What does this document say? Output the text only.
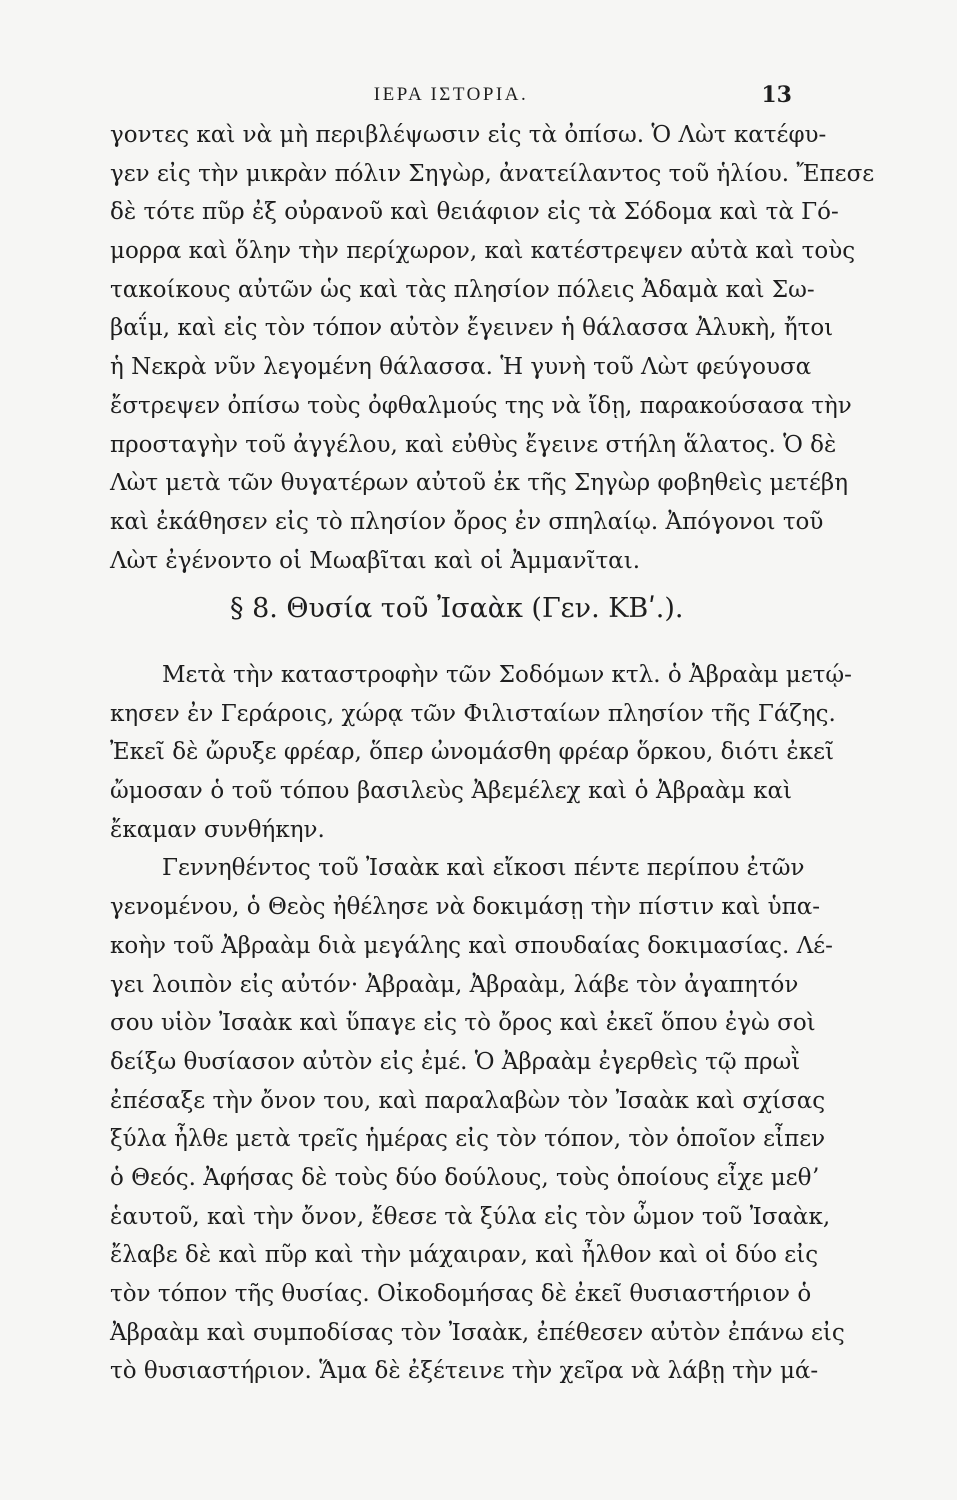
ΙΕΡΑ ΙΣΤΟΡΙΑ.	13
γοντες καὶ νὰ μὴ περιβλέψωσιν εἰς τὰ ὀπίσω. Ὁ Λὼτ κατέφυ-
γεν εἰς τὴν μικρὰν πόλιν Σηγὼρ, ἀνατείλαντος τοῦ ἡλίου. Ἔπεσε
δὲ τότε πῦρ ἐξ οὐρανοῦ καὶ θειάφιον εἰς τὰ Σόδομα καὶ τὰ Γό-
μορρα καὶ ὅλην τὴν περίχωρον, καὶ κατέστρεψεν αὐτὰ καὶ τοὺς
τακοίκους αὐτῶν ὡς καὶ τὰς πλησίον πόλεις Ἀδαμὰ καὶ Σω-
βαΐμ, καὶ εἰς τὸν τόπον αὐτὸν ἔγεινεν ἡ θάλασσα Ἀλυκὴ, ἤτοι
ἡ Νεκρὰ νῦν λεγομένη θάλασσα. Ἡ γυνὴ τοῦ Λὼτ φεύγουσα
ἔστρεψεν ὀπίσω τοὺς ὀφθαλμούς της νὰ ἴδῃ, παρακούσασα τὴν
προσταγὴν τοῦ ἀγγέλου, καὶ εὐθὺς ἔγεινε στήλη ἅλατος. Ὁ δὲ
Λὼτ μετὰ τῶν θυγατέρων αὐτοῦ ἐκ τῆς Σηγὼρ φοβηθεὶς μετέβη
καὶ ἐκάθησεν εἰς τὸ πλησίον ὄρος ἐν σπηλαίῳ. Ἀπόγονοι τοῦ
Λὼτ ἐγένοντο οἱ Μωαβῖται καὶ οἱ Ἀμμανῖται.
§ 8. Θυσία τοῦ Ἰσαὰκ (Γεν. ΚΒʹ.).
Μετὰ τὴν καταστροφὴν τῶν Σοδόμων κτλ. ὁ Ἀβραὰμ μετῴ-
κησεν ἐν Γεράροις, χώρᾳ τῶν Φιλισταίων πλησίον τῆς Γάζης.
Ἐκεῖ δὲ ὤρυξε φρέαρ, ὅπερ ὠνομάσθη φρέαρ ὅρκου, διότι ἐκεῖ
ὤμοσαν ὁ τοῦ τόπου βασιλεὺς Ἀβεμέλεχ καὶ ὁ Ἀβραὰμ καὶ
ἔκαμαν συνθήκην.
Γεννηθέντος τοῦ Ἰσαὰκ καὶ εἴκοσι πέντε περίπου ἐτῶν
γενομένου, ὁ Θεὸς ἠθέλησε νὰ δοκιμάσῃ τὴν πίστιν καὶ ὑπα-
κοὴν τοῦ Ἀβραὰμ διὰ μεγάλης καὶ σπουδαίας δοκιμασίας. Λέ-
γει λοιπὸν εἰς αὐτόν· Ἀβραὰμ, Ἀβραὰμ, λάβε τὸν ἀγαπητόν
σου υἱὸν Ἰσαὰκ καὶ ὕπαγε εἰς τὸ ὄρος καὶ ἐκεῖ ὅπου ἐγὼ σοὶ
δείξω θυσίασον αὐτὸν εἰς ἐμέ. Ὁ Ἀβραὰμ ἐγερθεὶς τῷ πρωῒ
ἐπέσαξε τὴν ὄνον του, καὶ παραλαβὼν τὸν Ἰσαὰκ καὶ σχίσας
ξύλα ἦλθε μετὰ τρεῖς ἡμέρας εἰς τὸν τόπον, τὸν ὁποῖον εἶπεν
ὁ Θεός. Ἀφήσας δὲ τοὺς δύο δούλους, τοὺς ὁποίους εἶχε μεθʼ
ἑαυτοῦ, καὶ τὴν ὄνον, ἔθεσε τὰ ξύλα εἰς τὸν ὦμον τοῦ Ἰσαὰκ,
ἔλαβε δὲ καὶ πῦρ καὶ τὴν μάχαιραν, καὶ ἦλθον καὶ οἱ δύο εἰς
τὸν τόπον τῆς θυσίας. Οἰκοδομήσας δὲ ἐκεῖ θυσιαστήριον ὁ
Ἀβραὰμ καὶ συμποδίσας τὸν Ἰσαὰκ, ἐπέθεσεν αὐτὸν ἐπάνω εἰς
τὸ θυσιαστήριον. Ἅμα δὲ ἐξέτεινε τὴν χεῖρα νὰ λάβῃ τὴν μά-
